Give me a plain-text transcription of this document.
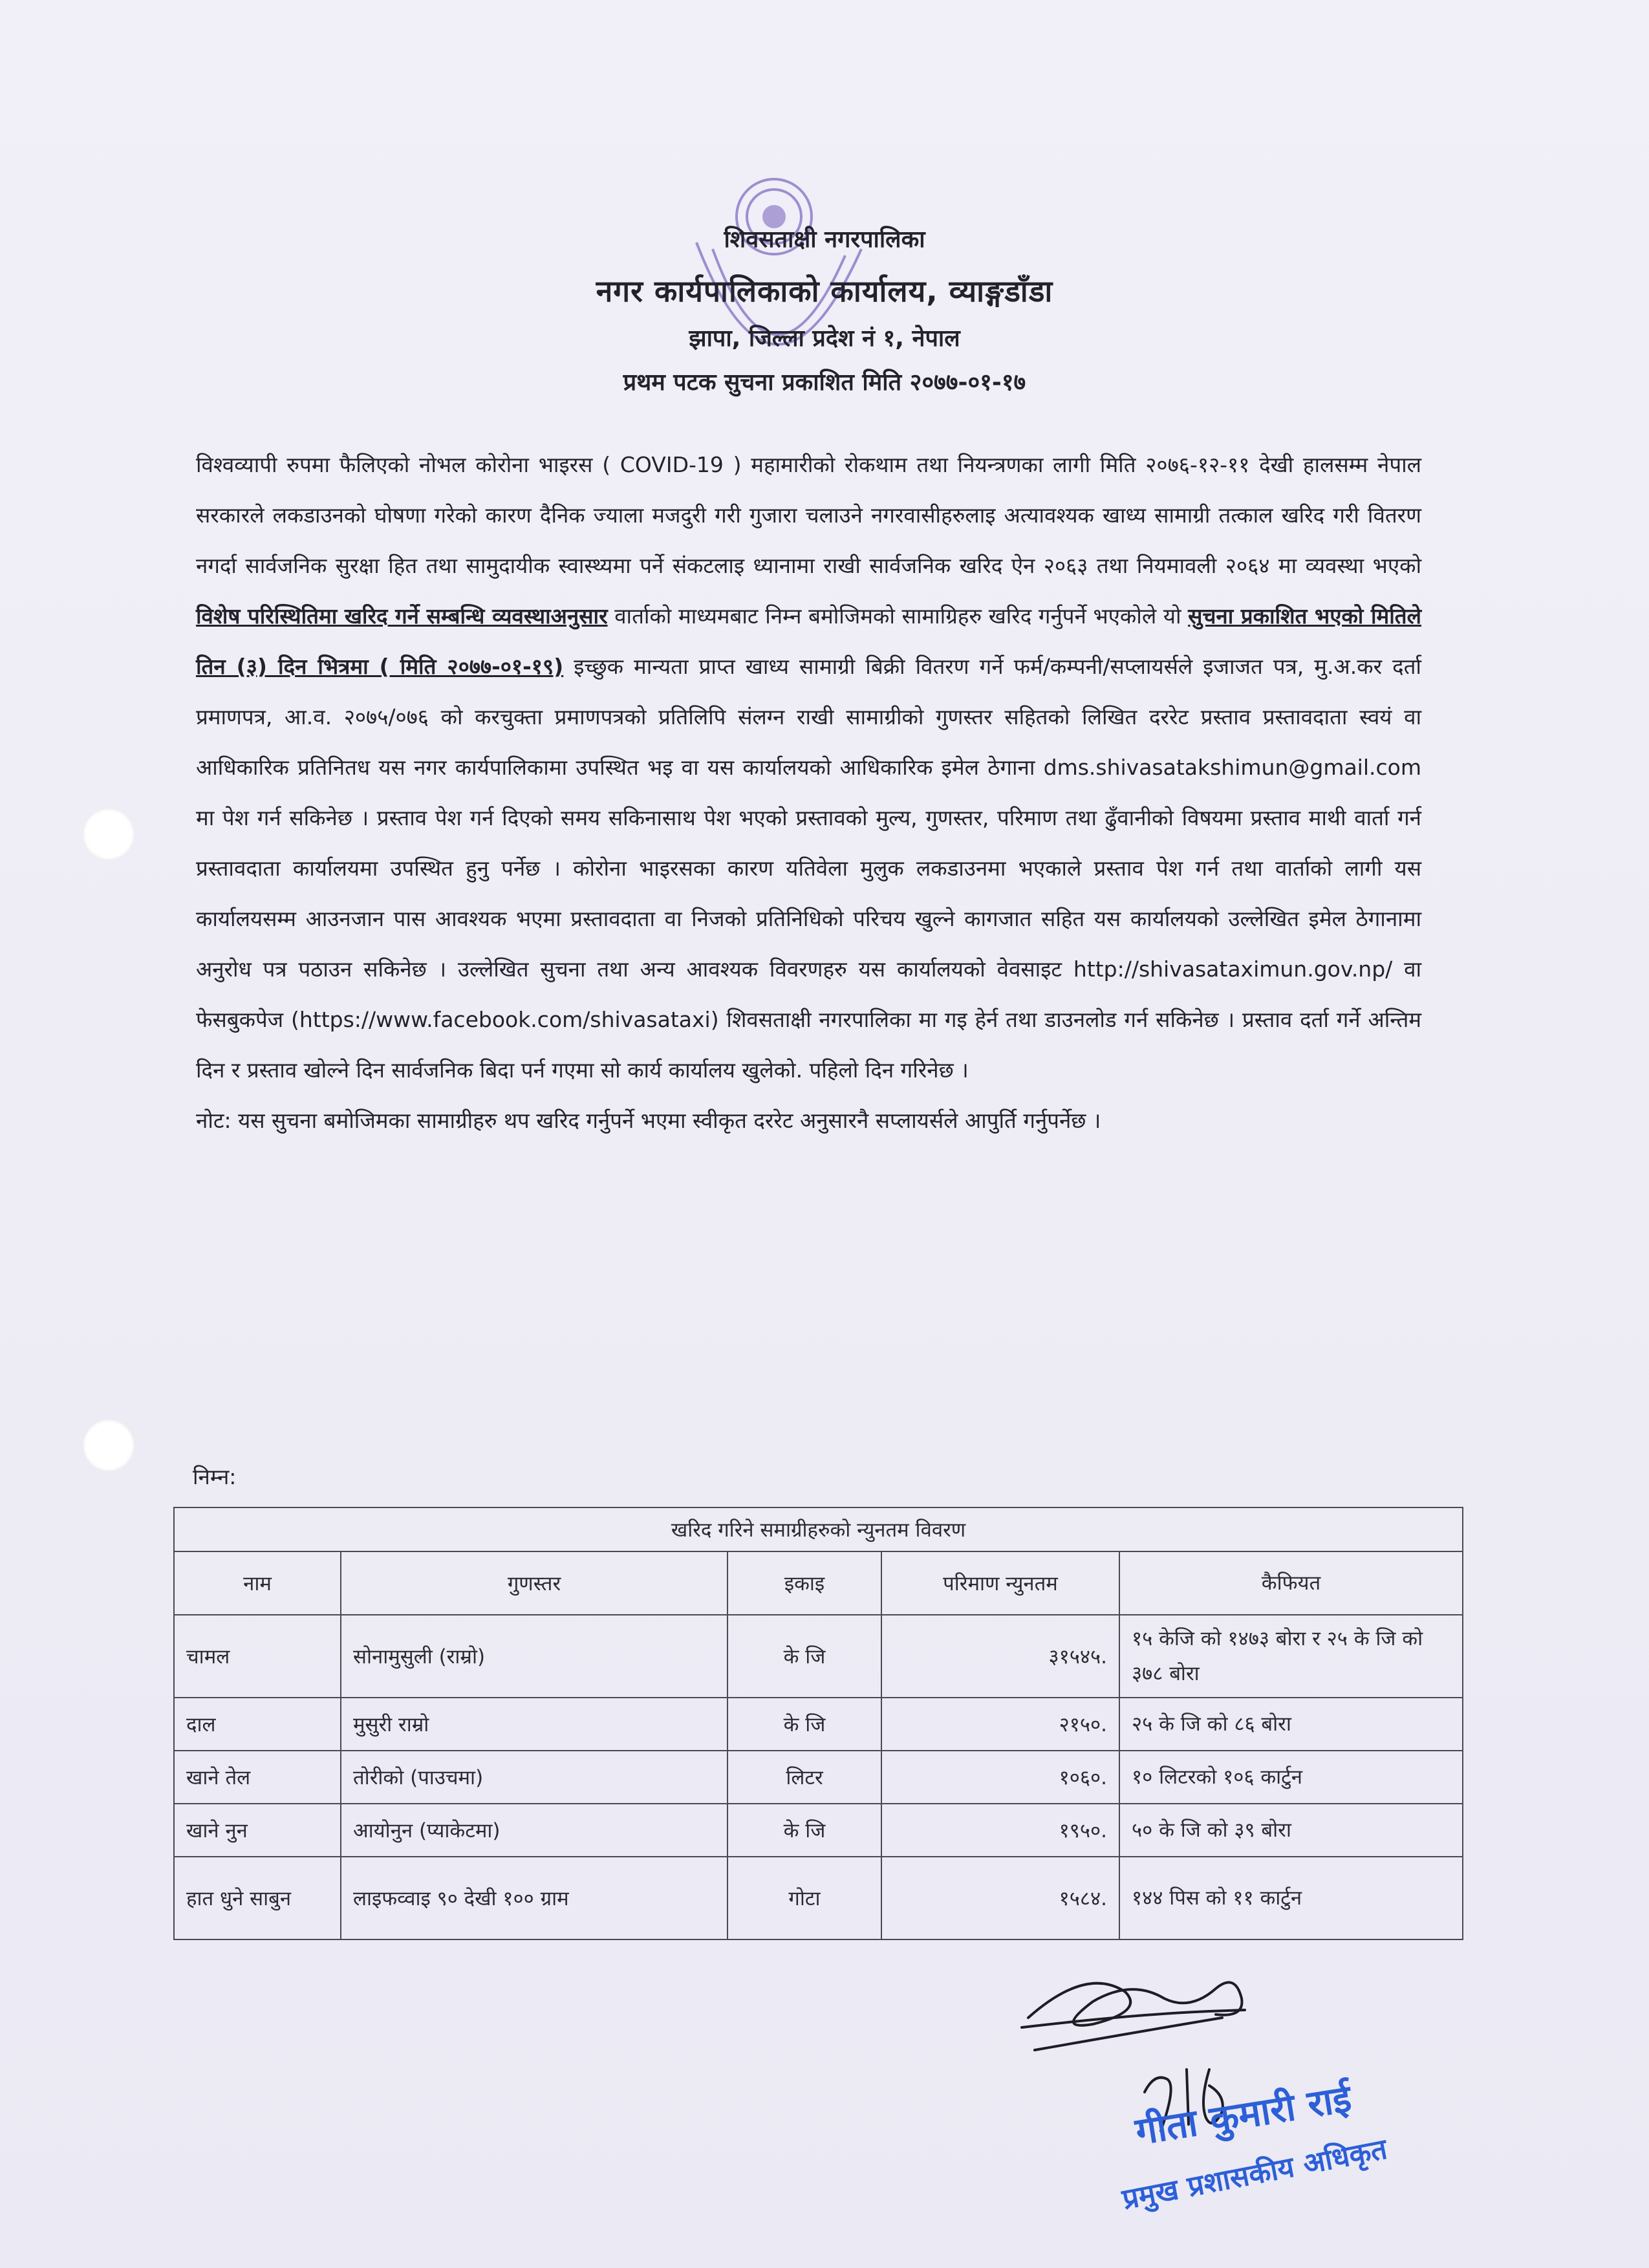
शिवसताक्षी नगरपालिका
नगर कार्यपालिकाको कार्यालय, व्याङ्गडाँडा
झापा, जिल्ला प्रदेश नं १, नेपाल
प्रथम पटक सुचना प्रकाशित मिति २०७७-०१-१७

विश्वव्यापी रुपमा फैलिएको नोभल कोरोना भाइरस ( COVID-19 ) महामारीको रोकथाम तथा नियन्त्रणका लागी मिति २०७६-१२-११ देखी हालसम्म नेपाल सरकारले लकडाउनको घोषणा गरेको कारण दैनिक ज्याला मजदुरी गरी गुजारा चलाउने नगरवासीहरुलाइ अत्यावश्यक खाध्य सामाग्री तत्काल खरिद गरी वितरण नगर्दा सार्वजनिक सुरक्षा हित तथा सामुदायीक स्वास्थ्यमा पर्ने संकटलाइ ध्यानामा राखी सार्वजनिक खरिद ऐन २०६३ तथा नियमावली २०६४ मा व्यवस्था भएको विशेष परिस्थितिमा खरिद गर्ने सम्बन्धि व्यवस्थाअनुसार वार्ताको माध्यमबाट निम्न बमोजिमको सामाग्रिहरु खरिद गर्नुपर्ने भएकोले यो सुचना प्रकाशित भएको मितिले तिन (३) दिन भित्रमा ( मिति २०७७-०१-१९) इच्छुक मान्यता प्राप्त खाध्य सामाग्री बिक्री वितरण गर्ने फर्म/कम्पनी/सप्लायर्सले इजाजत पत्र, मु.अ.कर दर्ता प्रमाणपत्र, आ.व. २०७५/०७६ को करचुक्ता प्रमाणपत्रको प्रतिलिपि संलग्न राखी सामाग्रीको गुणस्तर सहितको लिखित दररेट प्रस्ताव प्रस्तावदाता स्वयं वा आधिकारिक प्रतिनितध यस नगर कार्यपालिकामा उपस्थित भइ वा यस कार्यालयको आधिकारिक इमेल ठेगाना dms.shivasatakshimun@gmail.com मा पेश गर्न सकिनेछ । प्रस्ताव पेश गर्न दिएको समय सकिनासाथ पेश भएको प्रस्तावको मुल्य, गुणस्तर, परिमाण तथा ढुँवानीको विषयमा प्रस्ताव माथी वार्ता गर्न प्रस्तावदाता कार्यालयमा उपस्थित हुनु पर्नेछ । कोरोना भाइरसका कारण यतिवेला मुलुक लकडाउनमा भएकाले प्रस्ताव पेश गर्न तथा वार्ताको लागी यस कार्यालयसम्म आउनजान पास आवश्यक भएमा प्रस्तावदाता वा निजको प्रतिनिधिको परिचय खुल्ने कागजात सहित यस कार्यालयको उल्लेखित इमेल ठेगानामा अनुरोध पत्र पठाउन सकिनेछ । उल्लेखित सुचना तथा अन्य आवश्यक विवरणहरु यस कार्यालयको वेवसाइट http://shivasataximun.gov.np/ वा फेसबुकपेज (https://www.facebook.com/shivasataxi) शिवसताक्षी नगरपालिका मा गइ हेर्न तथा डाउनलोड गर्न सकिनेछ । प्रस्ताव दर्ता गर्ने अन्तिम दिन र प्रस्ताव खोल्ने दिन सार्वजनिक बिदा पर्न गएमा सो कार्य कार्यालय खुलेको. पहिलो दिन गरिनेछ ।

नोट: यस सुचना बमोजिमका सामाग्रीहरु थप खरिद गर्नुपर्ने भएमा स्वीकृत दररेट अनुसारनै सप्लायर्सले आपुर्ति गर्नुपर्नेछ ।

निम्न:
खरिद गरिने समाग्रीहरुको न्युनतम विवरण				
नाम	गुणस्तर	इकाइ	परिमाण न्युनतम	कैफियत
चामल	सोनामुसुली (राम्रो)	के जि	३१५४५.	१५ केजि को १४७३ बोरा र २५ के जि को ३७८ बोरा
दाल	मुसुरी राम्रो	के जि	२१५०.	२५ के जि को ८६ बोरा
खाने तेल	तोरीको (पाउचमा)	लिटर	१०६०.	१० लिटरको १०६ कार्टुन
खाने नुन	आयोनुन (प्याकेटमा)	के जि	१९५०.	५० के जि को ३९ बोरा
हात धुने साबुन	लाइफव्वाइ ९० देखी १०० ग्राम	गोटा	१५८४.	१४४ पिस को ११ कार्टुन
गीता कुमारी राई
प्रमुख प्रशासकीय अधिकृत
